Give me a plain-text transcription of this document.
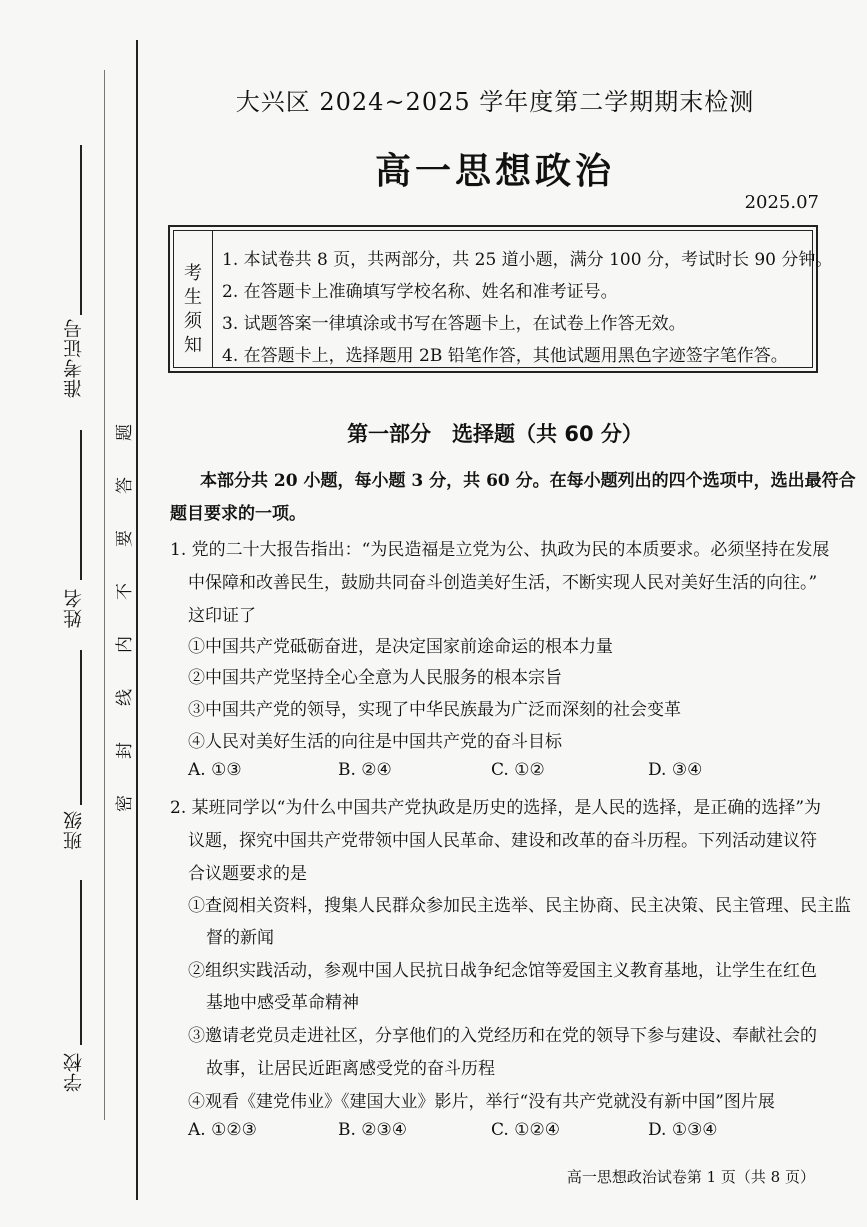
准考证号
姓名
班级
学校
题
答
要
不
内
线
封
密
大兴区 2024~2025 学年度第二学期期末检测
高一思想政治
2025.07
考
生
须
知
1. 本试卷共 8 页，共两部分，共 25 道小题，满分 100 分，考试时长 90 分钟。
2. 在答题卡上准确填写学校名称、姓名和准考证号。
3. 试题答案一律填涂或书写在答题卡上，在试卷上作答无效。
4. 在答题卡上，选择题用 2B 铅笔作答，其他试题用黑色字迹签字笔作答。
第一部分　选择题（共 60 分）
本部分共 20 小题，每小题 3 分，共 60 分。在每小题列出的四个选项中，选出最符合
题目要求的一项。
1. 党的二十大报告指出：“为民造福是立党为公、执政为民的本质要求。必须坚持在发展
中保障和改善民生，鼓励共同奋斗创造美好生活，不断实现人民对美好生活的向往。”
这印证了
①中国共产党砥砺奋进，是决定国家前途命运的根本力量
②中国共产党坚持全心全意为人民服务的根本宗旨
③中国共产党的领导，实现了中华民族最为广泛而深刻的社会变革
④人民对美好生活的向往是中国共产党的奋斗目标
A. ①③	B. ②④	C. ①②	D. ③④
2. 某班同学以“为什么中国共产党执政是历史的选择，是人民的选择，是正确的选择”为
议题，探究中国共产党带领中国人民革命、建设和改革的奋斗历程。下列活动建议符
合议题要求的是
①查阅相关资料，搜集人民群众参加民主选举、民主协商、民主决策、民主管理、民主监
督的新闻
②组织实践活动，参观中国人民抗日战争纪念馆等爱国主义教育基地，让学生在红色
基地中感受革命精神
③邀请老党员走进社区，分享他们的入党经历和在党的领导下参与建设、奉献社会的
故事，让居民近距离感受党的奋斗历程
④观看《建党伟业》《建国大业》影片，举行“没有共产党就没有新中国”图片展
A. ①②③	B. ②③④	C. ①②④	D. ①③④
高一思想政治试卷第 1 页（共 8 页）
